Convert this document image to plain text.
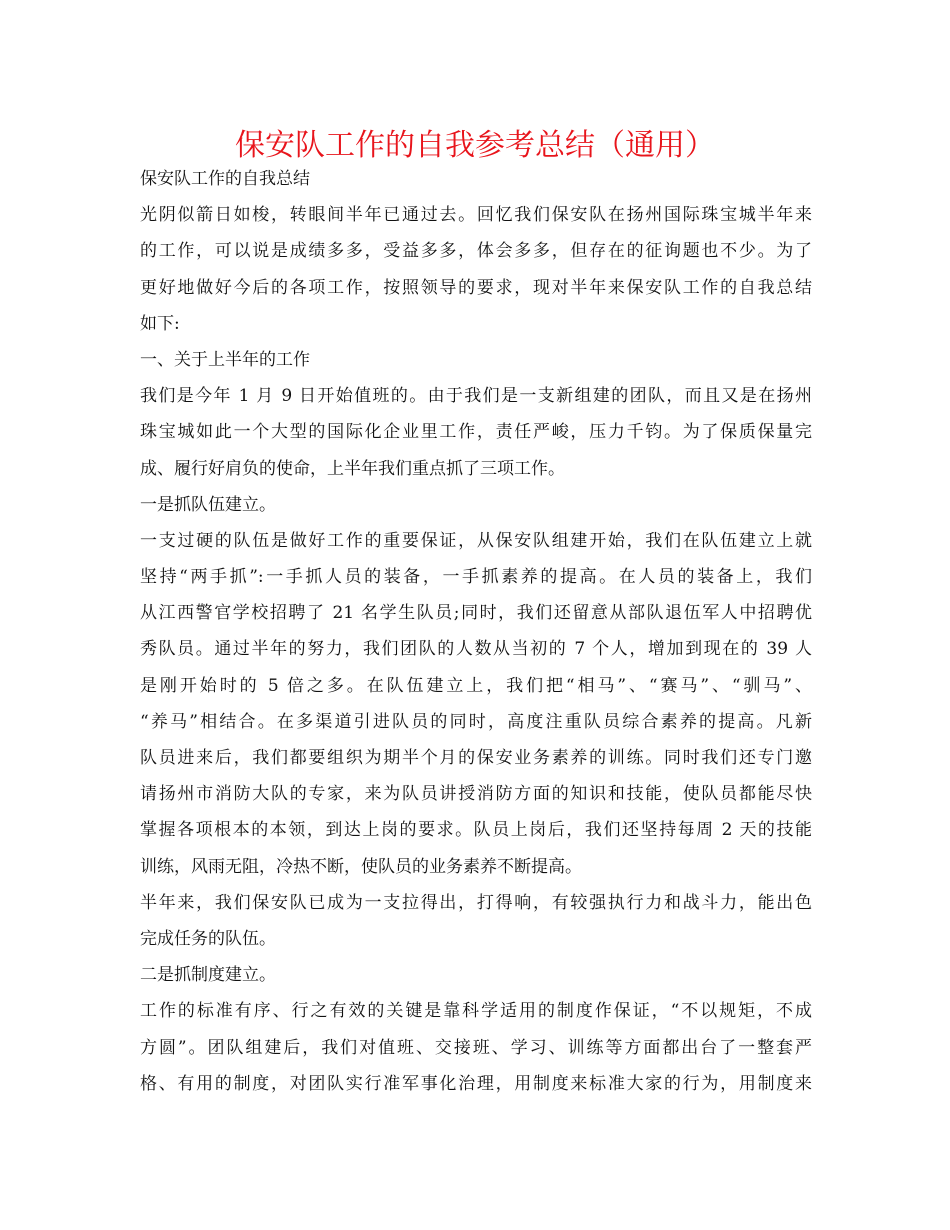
保安队工作的自我参考总结（通用）
保安队工作的自我总结
光阴似箭日如梭，转眼间半年已通过去。回忆我们保安队在扬州国际珠宝城半年来
的工作，可以说是成绩多多，受益多多，体会多多，但存在的征询题也不少。为了
更好地做好今后的各项工作，按照领导的要求，现对半年来保安队工作的自我总结
如下:
一、关于上半年的工作
我们是今年 1 月 9 日开始值班的。由于我们是一支新组建的团队，而且又是在扬州
珠宝城如此一个大型的国际化企业里工作，责任严峻，压力千钧。为了保质保量完
成、履行好肩负的使命，上半年我们重点抓了三项工作。
一是抓队伍建立。
一支过硬的队伍是做好工作的重要保证，从保安队组建开始，我们在队伍建立上就
坚持“两手抓”:一手抓人员的装备，一手抓素养的提高。在人员的装备上，我们
从江西警官学校招聘了 21 名学生队员;同时，我们还留意从部队退伍军人中招聘优
秀队员。通过半年的努力，我们团队的人数从当初的 7 个人，增加到现在的 39 人
是刚开始时的 5 倍之多。在队伍建立上，我们把“相马”、“赛马”、“驯马”、
“养马”相结合。在多渠道引进队员的同时，高度注重队员综合素养的提高。凡新
队员进来后，我们都要组织为期半个月的保安业务素养的训练。同时我们还专门邀
请扬州市消防大队的专家，来为队员讲授消防方面的知识和技能，使队员都能尽快
掌握各项根本的本领，到达上岗的要求。队员上岗后，我们还坚持每周 2 天的技能
训练，风雨无阻，冷热不断，使队员的业务素养不断提高。
半年来，我们保安队已成为一支拉得出，打得响，有较强执行力和战斗力，能出色
完成任务的队伍。
二是抓制度建立。
工作的标准有序、行之有效的关键是靠科学适用的制度作保证，“不以规矩，不成
方圆”。团队组建后，我们对值班、交接班、学习、训练等方面都出台了一整套严
格、有用的制度，对团队实行准军事化治理，用制度来标准大家的行为，用制度来
